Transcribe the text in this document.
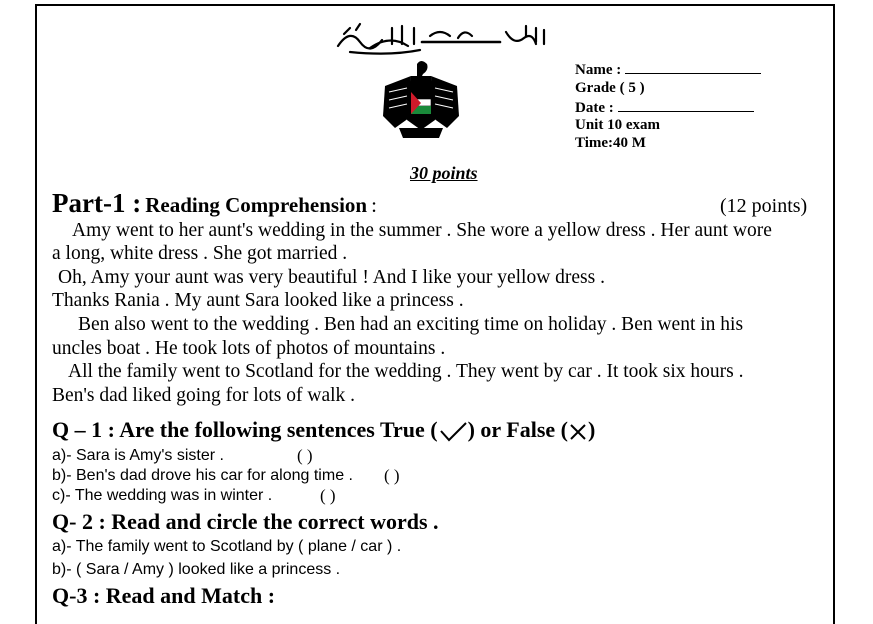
Name :
Grade ( 5 )
Date :
Unit 10 exam
Time:40 M
30 points
Part-1 : Reading Comprehension :	(12 points)
Amy went to her aunt's wedding in the summer . She wore a yellow dress . Her aunt wore
a long, white dress . She got married .
Oh, Amy your aunt was very beautiful ! And I like your yellow dress .
Thanks Rania . My aunt Sara looked like a princess .
Ben also went to the wedding . Ben had an exciting time on holiday . Ben went in his
uncles boat . He took lots of photos of mountains .
All the family went to Scotland for the wedding . They went by car . It took six hours .
Ben's dad liked going for lots of walk .
Q – 1 : Are the following sentences True ( ) or False ( )
a)- Sara is Amy's sister .	( )
b)- Ben's dad drove his car for along time . ( )
c)- The wedding was in winter .	( )
Q- 2 : Read and circle the correct words .
a)- The family went to Scotland by ( plane / car ) .
b)- ( Sara / Amy ) looked like a princess .
Q-3 : Read and Match :
